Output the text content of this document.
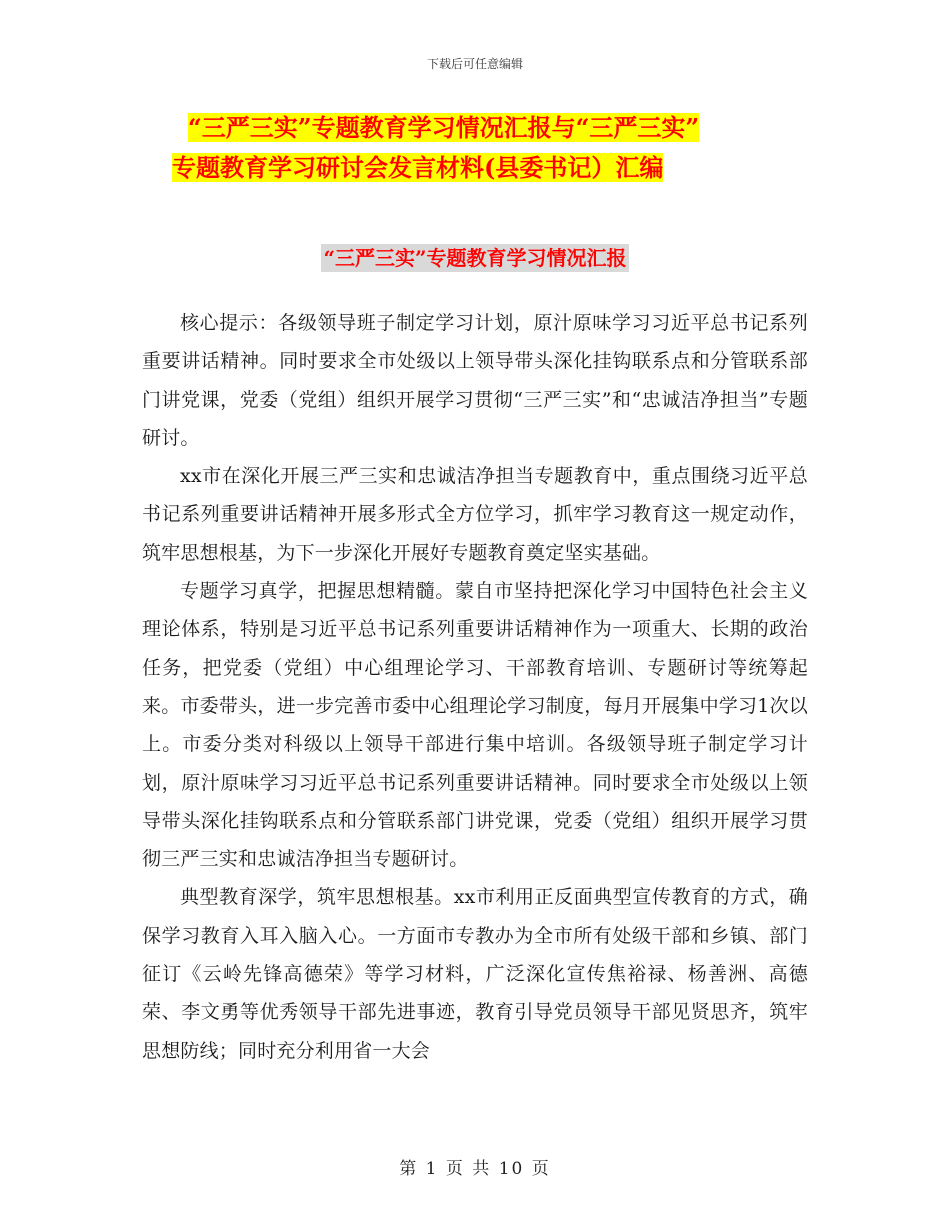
下载后可任意编辑
“三严三实”专题教育学习情况汇报与“三严三实”
专题教育学习研讨会发言材料(县委书记）汇编
“三严三实”专题教育学习情况汇报

核心提示：各级领导班子制定学习计划，原汁原味学习习近平总书记系列重要讲话精神。同时要求全市处级以上领导带头深化挂钩联系点和分管联系部门讲党课，党委（党组）组织开展学习贯彻“三严三实”和“忠诚洁净担当”专题研讨。

xx市在深化开展三严三实和忠诚洁净担当专题教育中，重点围绕习近平总书记系列重要讲话精神开展多形式全方位学习，抓牢学习教育这一规定动作，筑牢思想根基，为下一步深化开展好专题教育奠定坚实基础。

专题学习真学，把握思想精髓。蒙自市坚持把深化学习中国特色社会主义理论体系，特别是习近平总书记系列重要讲话精神作为一项重大、长期的政治任务，把党委（党组）中心组理论学习、干部教育培训、专题研讨等统筹起来。市委带头，进一步完善市委中心组理论学习制度，每月开展集中学习1次以上。市委分类对科级以上领导干部进行集中培训。各级领导班子制定学习计划，原汁原味学习习近平总书记系列重要讲话精神。同时要求全市处级以上领导带头深化挂钩联系点和分管联系部门讲党课，党委（党组）组织开展学习贯彻三严三实和忠诚洁净担当专题研讨。

典型教育深学，筑牢思想根基。xx市利用正反面典型宣传教育的方式，确保学习教育入耳入脑入心。一方面市专教办为全市所有处级干部和乡镇、部门征订《云岭先锋高德荣》等学习材料，广泛深化宣传焦裕禄、杨善洲、高德荣、李文勇等优秀领导干部先进事迹，教育引导党员领导干部见贤思齐，筑牢思想防线；同时充分利用省一大会

第 1 页 共 10 页
